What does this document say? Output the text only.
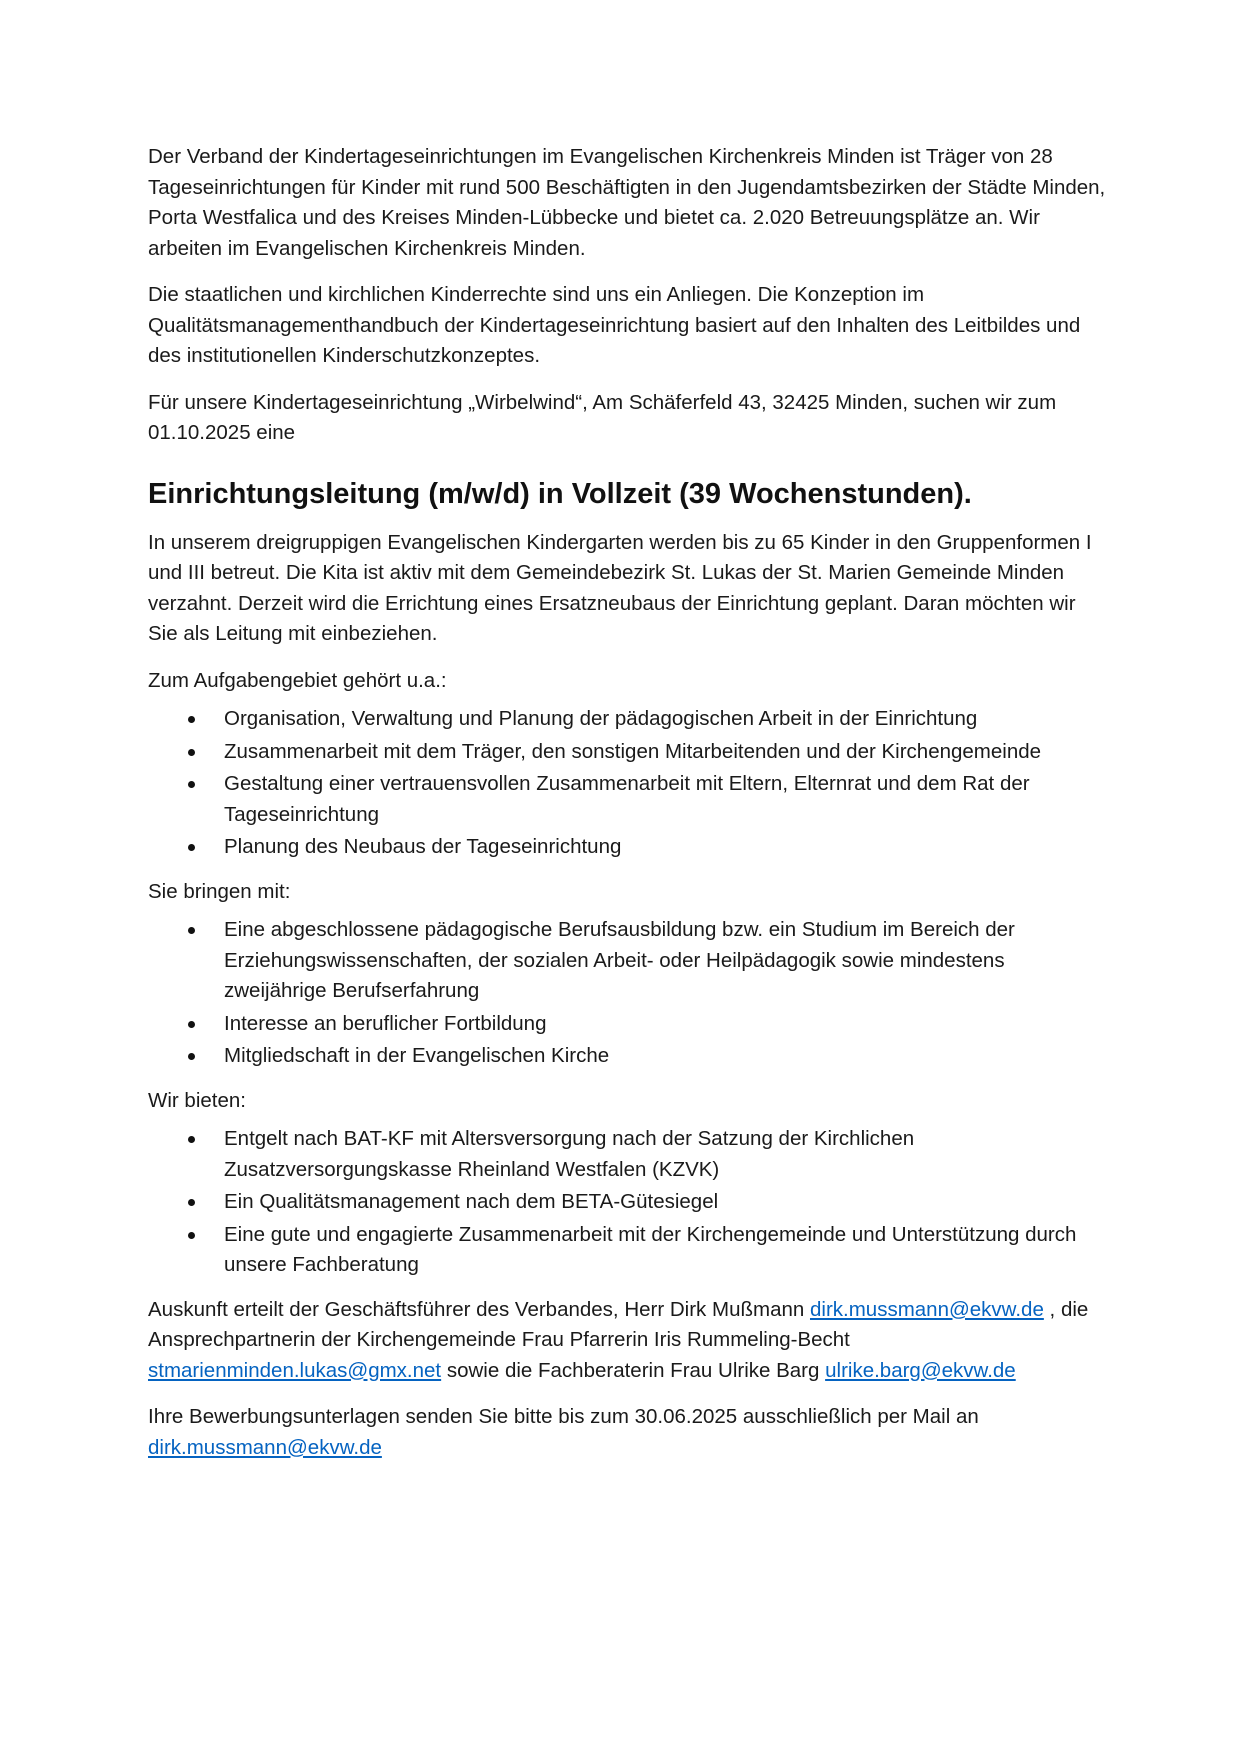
Der Verband der Kindertageseinrichtungen im Evangelischen Kirchenkreis Minden ist Träger von 28 Tageseinrichtungen für Kinder mit rund 500 Beschäftigten in den Jugendamtsbezirken der Städte Minden, Porta Westfalica und des Kreises Minden-Lübbecke und bietet ca. 2.020 Betreuungsplätze an. Wir arbeiten im Evangelischen Kirchenkreis Minden.

Die staatlichen und kirchlichen Kinderrechte sind uns ein Anliegen. Die Konzeption im Qualitätsmanagementhandbuch der Kindertageseinrichtung basiert auf den Inhalten des Leitbildes und des institutionellen Kinderschutzkonzeptes.

Für unsere Kindertageseinrichtung „Wirbelwind“, Am Schäferfeld 43, 32425 Minden, suchen wir zum 01.10.2025 eine

Einrichtungsleitung (m/w/d) in Vollzeit (39 Wochenstunden).

In unserem dreigruppigen Evangelischen Kindergarten werden bis zu 65 Kinder in den Gruppenformen I und III betreut. Die Kita ist aktiv mit dem Gemeindebezirk St. Lukas der St. Marien Gemeinde Minden verzahnt. Derzeit wird die Errichtung eines Ersatzneubaus der Einrichtung geplant. Daran möchten wir Sie als Leitung mit einbeziehen.

Zum Aufgabengebiet gehört u.a.:

Organisation, Verwaltung und Planung der pädagogischen Arbeit in der Einrichtung
Zusammenarbeit mit dem Träger, den sonstigen Mitarbeitenden und der Kirchengemeinde
Gestaltung einer vertrauensvollen Zusammenarbeit mit Eltern, Elternrat und dem Rat der Tageseinrichtung
Planung des Neubaus der Tageseinrichtung

Sie bringen mit:

Eine abgeschlossene pädagogische Berufsausbildung bzw. ein Studium im Bereich der Erziehungswissenschaften, der sozialen Arbeit- oder Heilpädagogik sowie mindestens zweijährige Berufserfahrung
Interesse an beruflicher Fortbildung
Mitgliedschaft in der Evangelischen Kirche

Wir bieten:

Entgelt nach BAT-KF mit Altersversorgung nach der Satzung der Kirchlichen Zusatzversorgungskasse Rheinland Westfalen (KZVK)
Ein Qualitätsmanagement nach dem BETA-Gütesiegel
Eine gute und engagierte Zusammenarbeit mit der Kirchengemeinde und Unterstützung durch unsere Fachberatung

Auskunft erteilt der Geschäftsführer des Verbandes, Herr Dirk Mußmann dirk.mussmann@ekvw.de , die Ansprechpartnerin der Kirchengemeinde Frau Pfarrerin Iris Rummeling-Becht stmarienminden.lukas@gmx.net sowie die Fachberaterin Frau Ulrike Barg ulrike.barg@ekvw.de

Ihre Bewerbungsunterlagen senden Sie bitte bis zum 30.06.2025 ausschließlich per Mail an dirk.mussmann@ekvw.de
